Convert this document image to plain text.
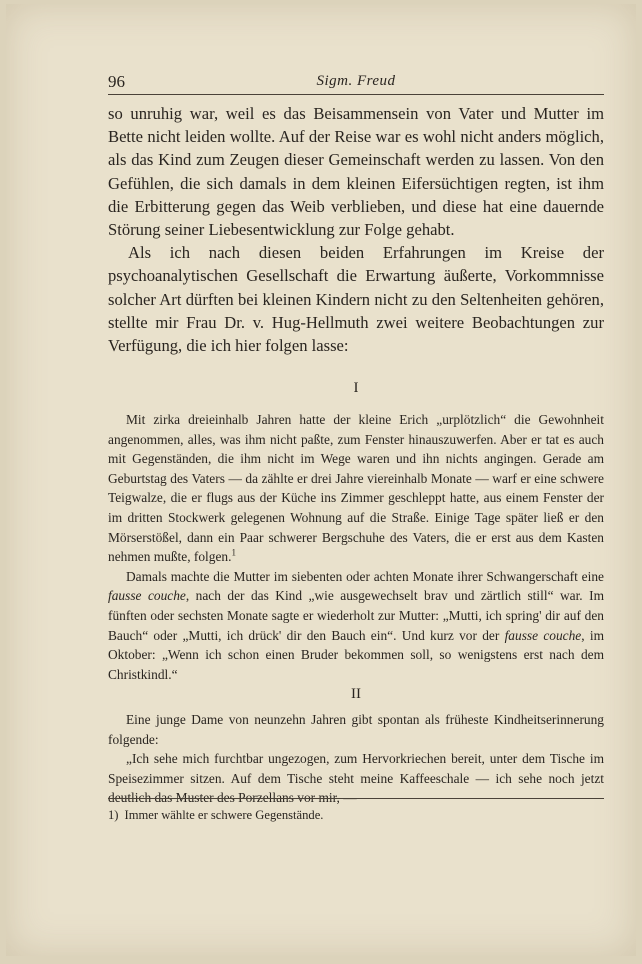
96	Sigm. Freud

so unruhig war, weil es das Beisammensein von Vater und Mutter im Bette nicht leiden wollte. Auf der Reise war es wohl nicht anders möglich, als das Kind zum Zeugen dieser Gemeinschaft werden zu lassen. Von den Gefühlen, die sich damals in dem kleinen Eifersüchtigen regten, ist ihm die Erbitterung gegen das Weib verblieben, und diese hat eine dauernde Störung seiner Liebesentwicklung zur Folge gehabt.

Als ich nach diesen beiden Erfahrungen im Kreise der psychoanalytischen Gesellschaft die Erwartung äußerte, Vorkommnisse solcher Art dürften bei kleinen Kindern nicht zu den Seltenheiten gehören, stellte mir Frau Dr. v. Hug-Hellmuth zwei weitere Beobachtungen zur Verfügung, die ich hier folgen lasse:

I

Mit zirka dreieinhalb Jahren hatte der kleine Erich „urplötzlich“ die Gewohnheit angenommen, alles, was ihm nicht paßte, zum Fenster hinauszuwerfen. Aber er tat es auch mit Gegenständen, die ihm nicht im Wege waren und ihn nichts angingen. Gerade am Geburtstag des Vaters — da zählte er drei Jahre viereinhalb Monate — warf er eine schwere Teigwalze, die er flugs aus der Küche ins Zimmer geschleppt hatte, aus einem Fenster der im dritten Stockwerk gelegenen Wohnung auf die Straße. Einige Tage später ließ er den Mörserstößel, dann ein Paar schwerer Bergschuhe des Vaters, die er erst aus dem Kasten nehmen mußte, folgen.$^1$

Damals machte die Mutter im siebenten oder achten Monate ihrer Schwangerschaft eine fausse couche, nach der das Kind „wie ausgewechselt brav und zärtlich still“ war. Im fünften oder sechsten Monate sagte er wiederholt zur Mutter: „Mutti, ich spring' dir auf den Bauch“ oder „Mutti, ich drück' dir den Bauch ein“. Und kurz vor der fausse couche, im Oktober: „Wenn ich schon einen Bruder bekommen soll, so wenigstens erst nach dem Christkindl.“

II

Eine junge Dame von neunzehn Jahren gibt spontan als früheste Kindheitserinnerung folgende:

„Ich sehe mich furchtbar ungezogen, zum Hervorkriechen bereit, unter dem Tische im Speisezimmer sitzen. Auf dem Tische steht meine Kaffeeschale — ich sehe noch jetzt deutlich das Muster des Porzellans vor mir, —

1) Immer wählte er schwere Gegenstände.
